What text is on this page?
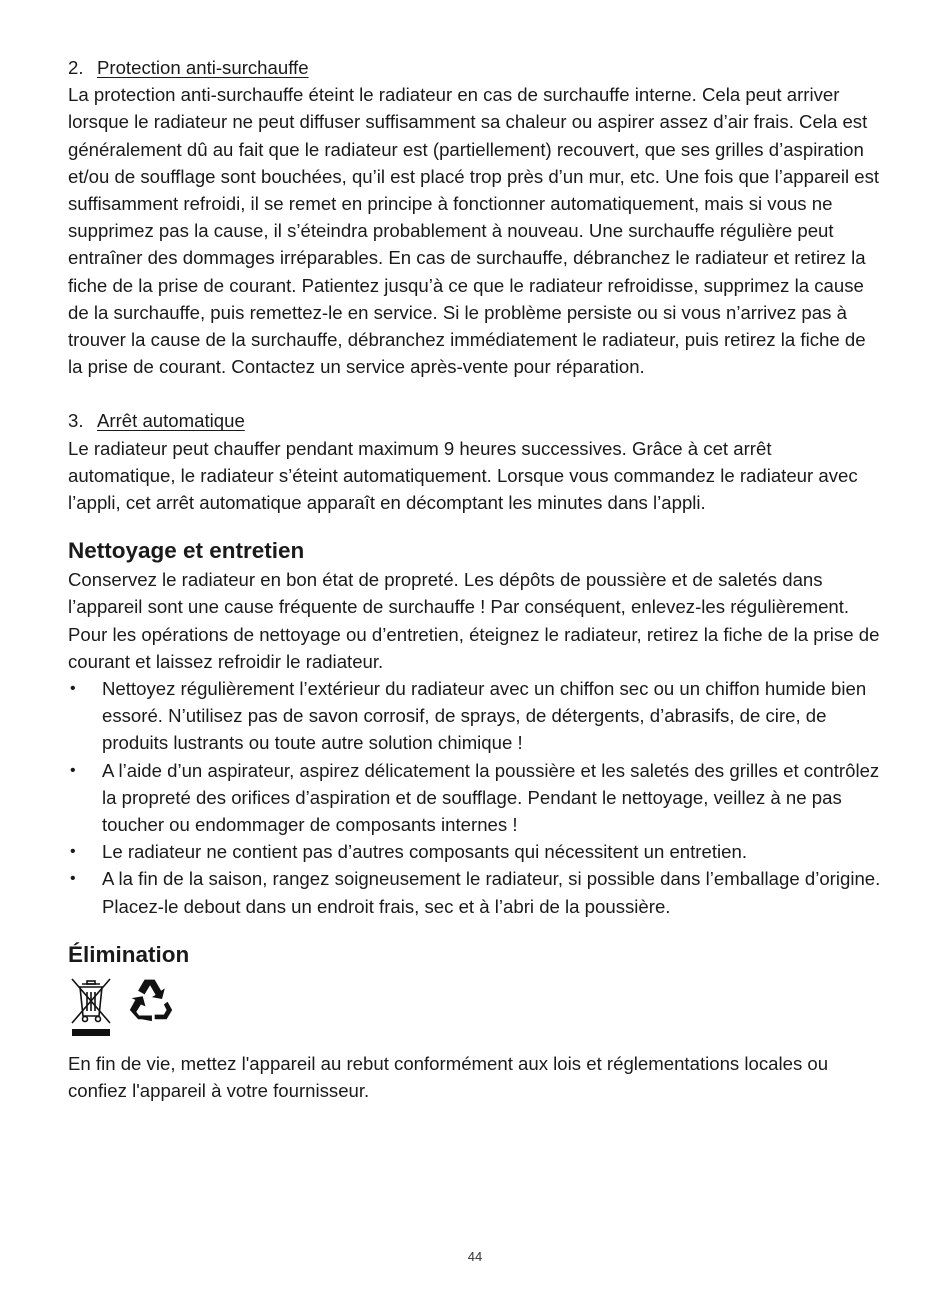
2. Protection anti-surchauffe

La protection anti-surchauffe éteint le radiateur en cas de surchauffe interne. Cela peut arriver lorsque le radiateur ne peut diffuser suffisamment sa chaleur ou aspirer assez d’air frais. Cela est généralement dû au fait que le radiateur est (partiellement) recouvert, que ses grilles d’aspiration et/ou de soufflage sont bouchées, qu’il est placé trop près d’un mur, etc. Une fois que l’appareil est suffisamment refroidi, il se remet en principe à fonctionner automatiquement, mais si vous ne supprimez pas la cause, il s’éteindra probablement à nouveau. Une surchauffe régulière peut entraîner des dommages irréparables. En cas de surchauffe, débranchez le radiateur et retirez la fiche de la prise de courant. Patientez jusqu’à ce que le radiateur refroidisse, supprimez la cause de la surchauffe, puis remettez-le en service. Si le problème persiste ou si vous n’arrivez pas à trouver la cause de la surchauffe, débranchez immédiatement le radiateur, puis retirez la fiche de la prise de courant. Contactez un service après-vente pour réparation.

3. Arrêt automatique

Le radiateur peut chauffer pendant maximum 9 heures successives. Grâce à cet arrêt automatique, le radiateur s’éteint automatiquement. Lorsque vous commandez le radiateur avec l’appli, cet arrêt automatique apparaît en décomptant les minutes dans l’appli.

Nettoyage et entretien

Conservez le radiateur en bon état de propreté. Les dépôts de poussière et de saletés dans l’appareil sont une cause fréquente de surchauffe ! Par conséquent, enlevez-les régulièrement. Pour les opérations de nettoyage ou d’entretien, éteignez le radiateur, retirez la fiche de la prise de courant et laissez refroidir le radiateur.

•	Nettoyez régulièrement l’extérieur du radiateur avec un chiffon sec ou un chiffon humide bien essoré. N’utilisez pas de savon corrosif, de sprays, de détergents, d’abrasifs, de cire, de produits lustrants ou toute autre solution chimique !
•	A l’aide d’un aspirateur, aspirez délicatement la poussière et les saletés des grilles et contrôlez la propreté des orifices d’aspiration et de soufflage. Pendant le nettoyage, veillez à ne pas toucher ou endommager de composants internes !
•	Le radiateur ne contient pas d’autres composants qui nécessitent un entretien.
•	A la fin de la saison, rangez soigneusement le radiateur, si possible dans l’emballage d’origine. Placez-le debout dans un endroit frais, sec et à l’abri de la poussière.
Élimination

En fin de vie, mettez l'appareil au rebut conformément aux lois et réglementations locales ou confiez l'appareil à votre fournisseur.

44
